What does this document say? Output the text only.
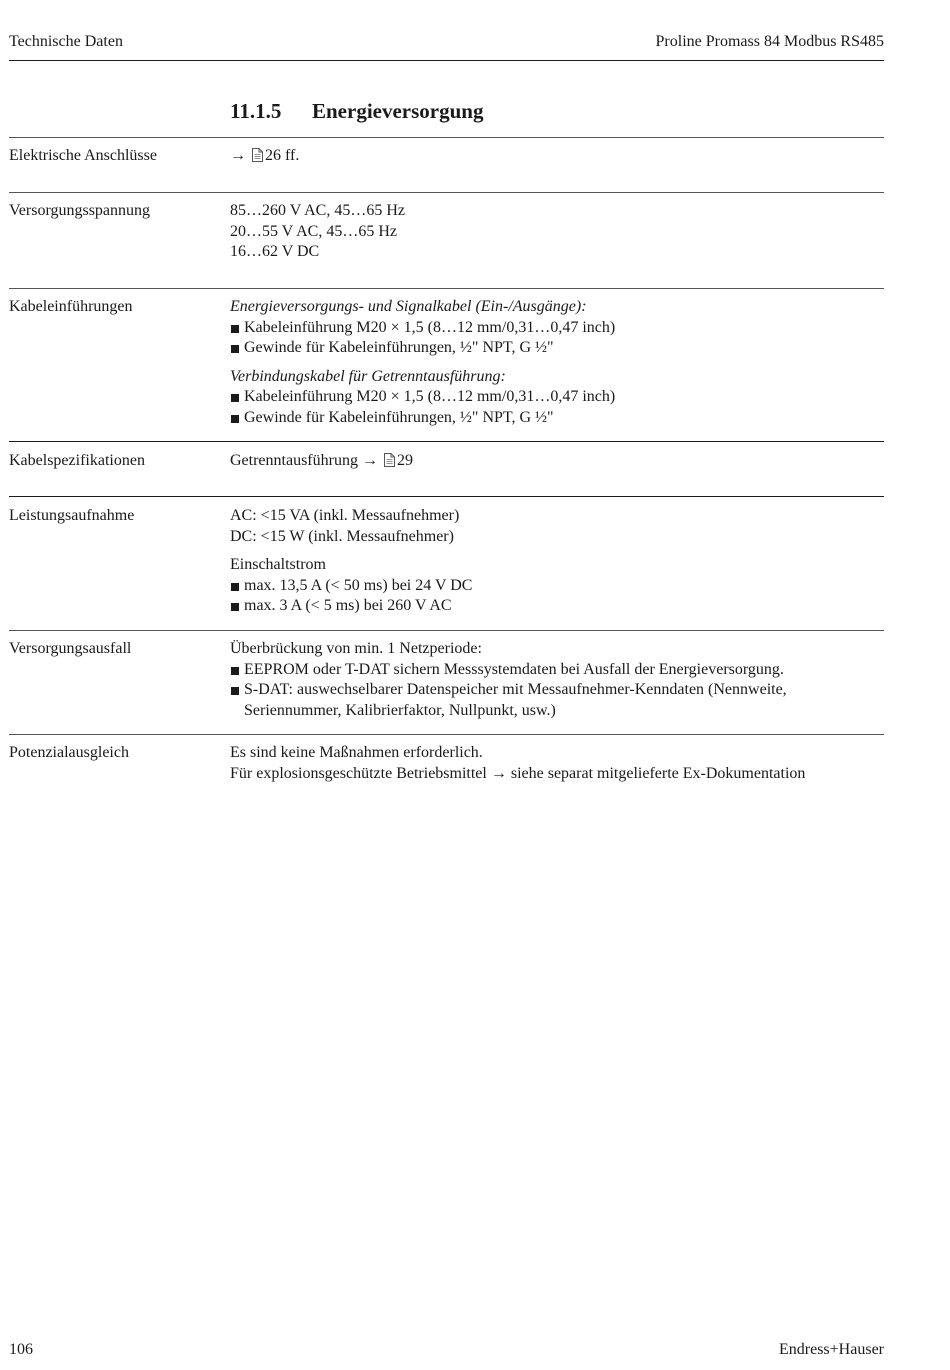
Technische Daten	Proline Promass 84 Modbus RS485
11.1.5 Energieversorgung
Elektrische Anschlüsse	→ 26 ff.
Versorgungsspannung	85…260 V AC, 45…65 Hz
20…55 V AC, 45…65 Hz
16…62 V DC
Kabeleinführungen	Energieversorgungs- und Signalkabel (Ein-/Ausgänge):
Kabeleinführung M20 × 1,5 (8…12 mm/0,31…0,47 inch)
Gewinde für Kabeleinführungen, ½" NPT, G ½"
Verbindungskabel für Getrenntausführung:
Kabeleinführung M20 × 1,5 (8…12 mm/0,31…0,47 inch)
Gewinde für Kabeleinführungen, ½" NPT, G ½"
Kabelspezifikationen	Getrenntausführung → 29
Leistungsaufnahme	AC: <15 VA (inkl. Messaufnehmer)
DC: <15 W (inkl. Messaufnehmer)
Einschaltstrom
max. 13,5 A (< 50 ms) bei 24 V DC
max. 3 A (< 5 ms) bei 260 V AC
Versorgungsausfall	Überbrückung von min. 1 Netzperiode:
EEPROM oder T-DAT sichern Messsystemdaten bei Ausfall der Energieversorgung.
S-DAT: auswechselbarer Datenspeicher mit Messaufnehmer-Kenndaten (Nennweite, Seriennummer, Kalibrierfaktor, Nullpunkt, usw.)
Potenzialausgleich	Es sind keine Maßnahmen erforderlich.
Für explosionsgeschützte Betriebsmittel → siehe separat mitgelieferte Ex-Dokumentation
106	Endress+Hauser
